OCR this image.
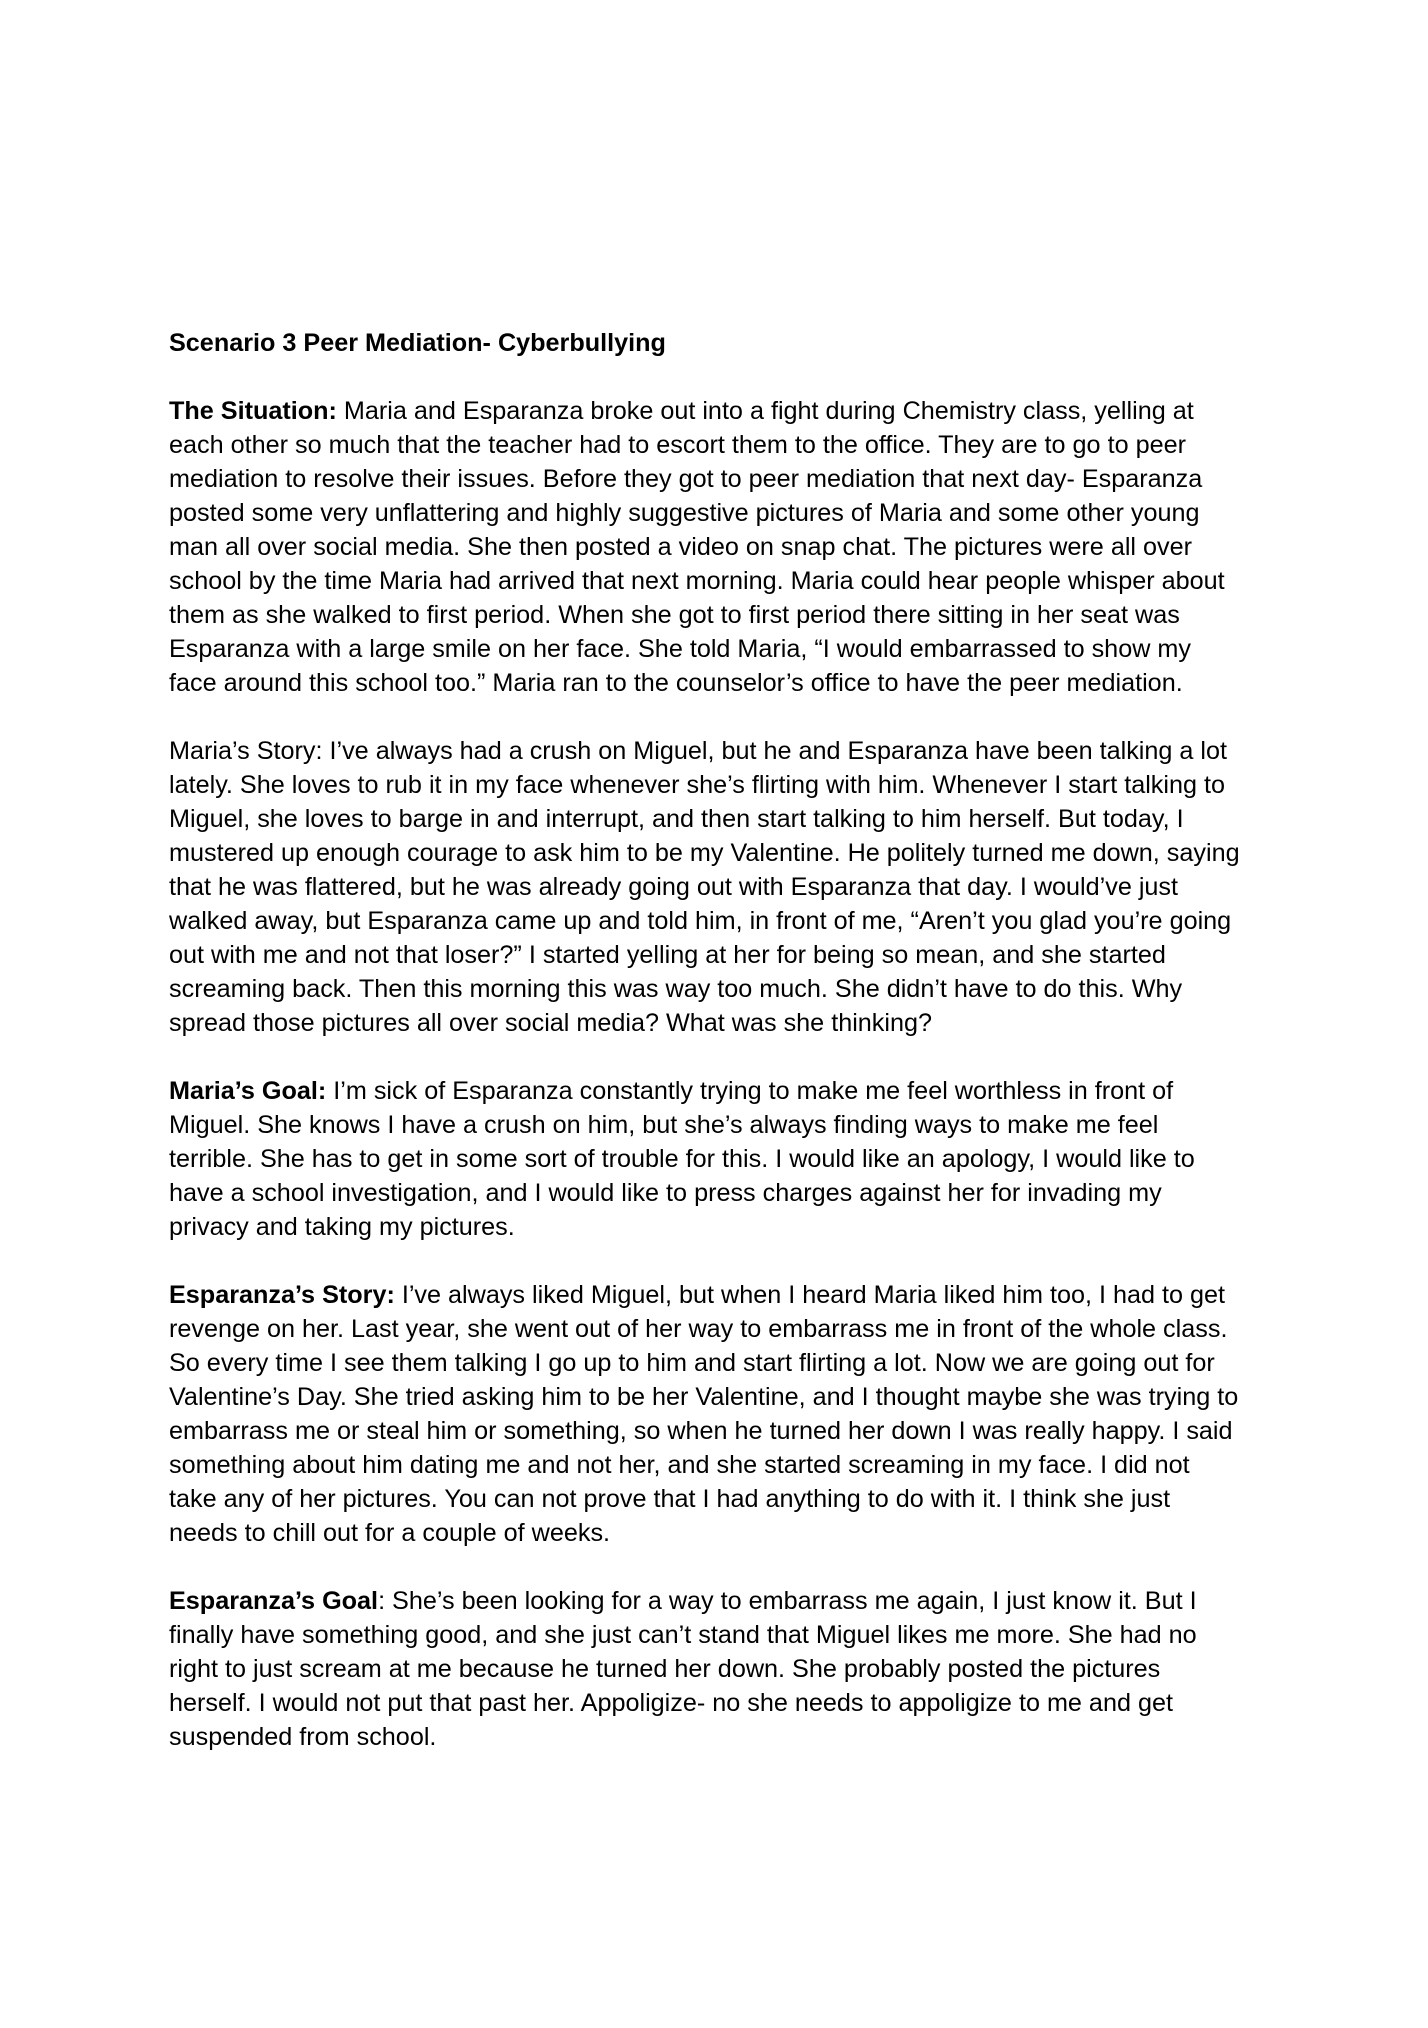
Scenario 3 Peer Mediation- Cyberbullying
The Situation: Maria and Esparanza broke out into a fight during Chemistry class, yelling at
each other so much that the teacher had to escort them to the office. They are to go to peer
mediation to resolve their issues. Before they got to peer mediation that next day- Esparanza
posted some very unflattering and highly suggestive pictures of Maria and some other young
man all over social media. She then posted a video on snap chat. The pictures were all over
school by the time Maria had arrived that next morning. Maria could hear people whisper about
them as she walked to first period. When she got to first period there sitting in her seat was
Esparanza with a large smile on her face. She told Maria, “I would embarrassed to show my
face around this school too.” Maria ran to the counselor’s office to have the peer mediation.
Maria’s Story: I’ve always had a crush on Miguel, but he and Esparanza have been talking a lot
lately. She loves to rub it in my face whenever she’s flirting with him. Whenever I start talking to
Miguel, she loves to barge in and interrupt, and then start talking to him herself. But today, I
mustered up enough courage to ask him to be my Valentine. He politely turned me down, saying
that he was flattered, but he was already going out with Esparanza that day. I would’ve just
walked away, but Esparanza came up and told him, in front of me, “Aren’t you glad you’re going
out with me and not that loser?” I started yelling at her for being so mean, and she started
screaming back. Then this morning this was way too much. She didn’t have to do this. Why
spread those pictures all over social media? What was she thinking?
Maria’s Goal: I’m sick of Esparanza constantly trying to make me feel worthless in front of
Miguel. She knows I have a crush on him, but she’s always finding ways to make me feel
terrible. She has to get in some sort of trouble for this. I would like an apology, I would like to
have a school investigation, and I would like to press charges against her for invading my
privacy and taking my pictures.
Esparanza’s Story: I’ve always liked Miguel, but when I heard Maria liked him too, I had to get
revenge on her. Last year, she went out of her way to embarrass me in front of the whole class.
So every time I see them talking I go up to him and start flirting a lot. Now we are going out for
Valentine’s Day. She tried asking him to be her Valentine, and I thought maybe she was trying to
embarrass me or steal him or something, so when he turned her down I was really happy. I said
something about him dating me and not her, and she started screaming in my face. I did not
take any of her pictures. You can not prove that I had anything to do with it. I think she just
needs to chill out for a couple of weeks.
Esparanza’s Goal: She’s been looking for a way to embarrass me again, I just know it. But I
finally have something good, and she just can’t stand that Miguel likes me more. She had no
right to just scream at me because he turned her down. She probably posted the pictures
herself. I would not put that past her. Appoligize- no she needs to appoligize to me and get
suspended from school.
